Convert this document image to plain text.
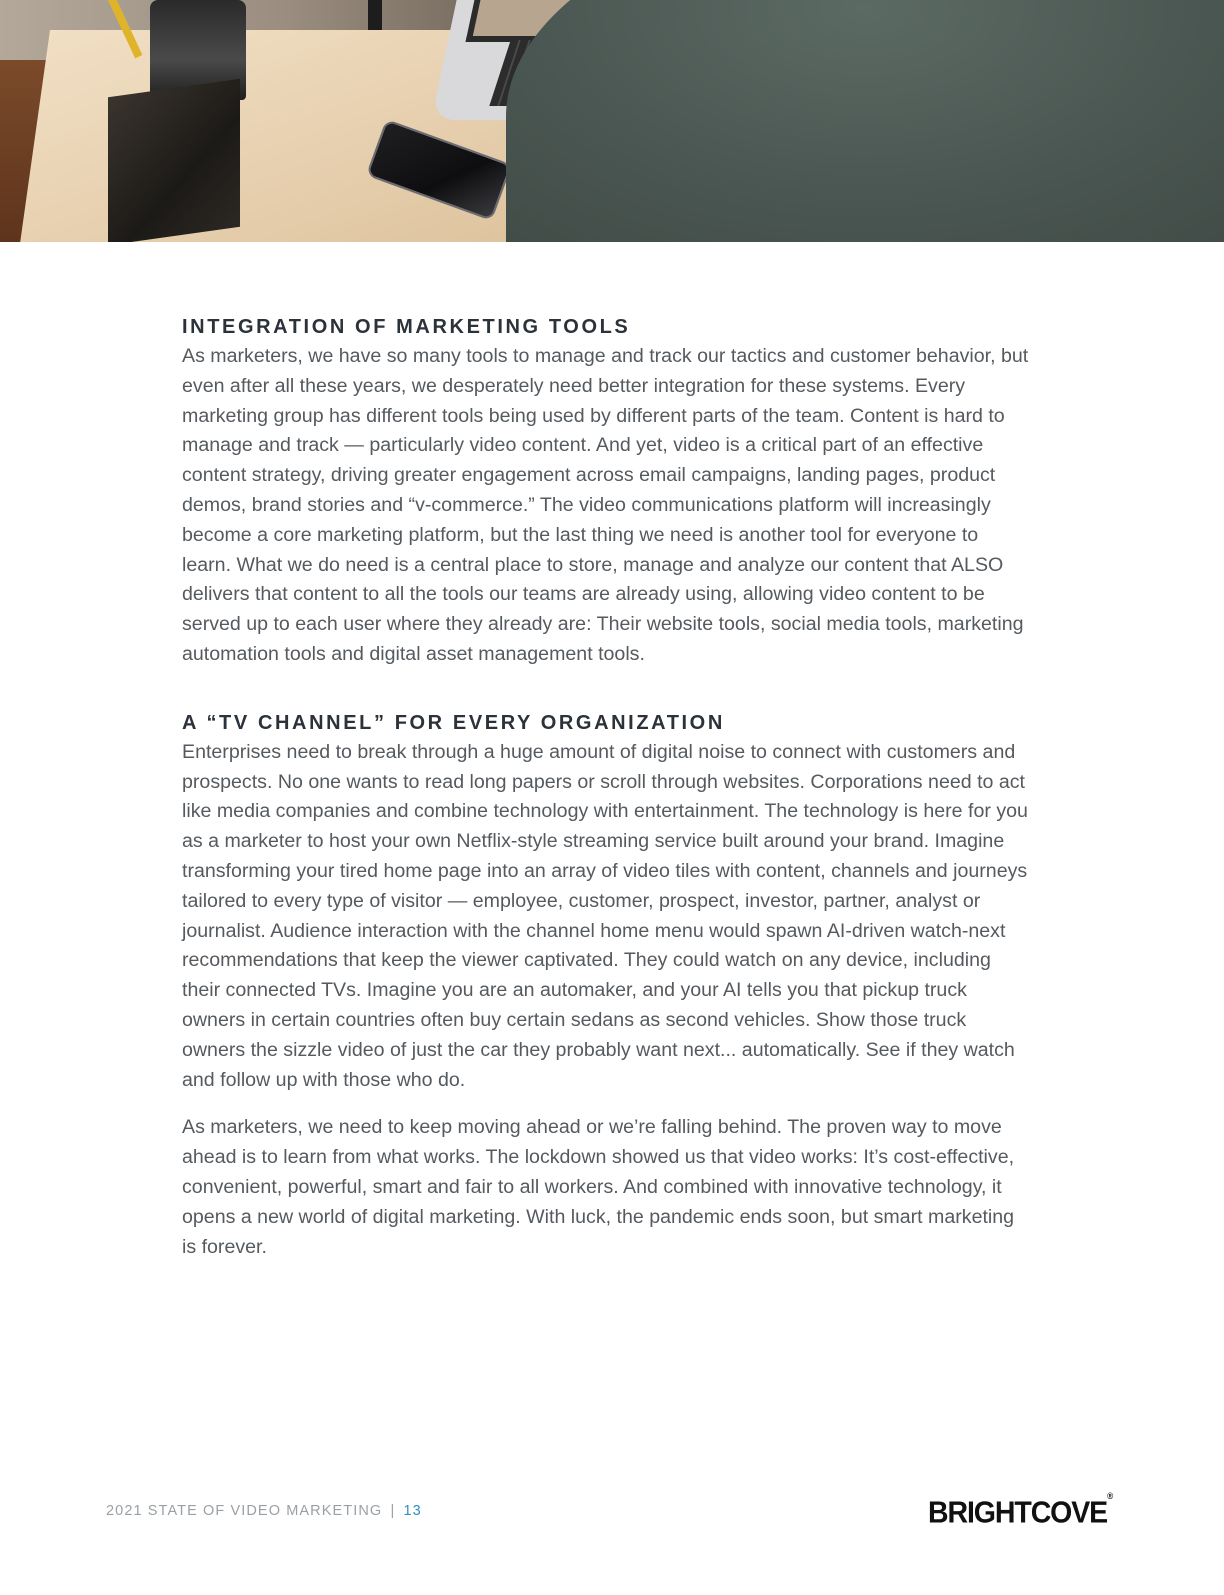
INTEGRATION OF MARKETING TOOLS

As marketers, we have so many tools to manage and track our tactics and customer behavior, but even after all these years, we desperately need better integration for these systems. Every marketing group has different tools being used by different parts of the team. Content is hard to manage and track — particularly video content. And yet, video is a critical part of an effective content strategy, driving greater engagement across email campaigns, landing pages, product demos, brand stories and “v-commerce.” The video communications platform will increasingly become a core marketing platform, but the last thing we need is another tool for everyone to learn. What we do need is a central place to store, manage and analyze our content that ALSO delivers that content to all the tools our teams are already using, allowing video content to be served up to each user where they already are: Their website tools, social media tools, marketing automation tools and digital asset management tools.

A “TV CHANNEL” FOR EVERY ORGANIZATION

Enterprises need to break through a huge amount of digital noise to connect with customers and prospects. No one wants to read long papers or scroll through websites. Corporations need to act like media companies and combine technology with entertainment. The technology is here for you as a marketer to host your own Netflix-style streaming service built around your brand. Imagine transforming your tired home page into an array of video tiles with content, channels and journeys tailored to every type of visitor — employee, customer, prospect, investor, partner, analyst or journalist. Audience interaction with the channel home menu would spawn AI-driven watch-next recommendations that keep the viewer captivated. They could watch on any device, including their connected TVs. Imagine you are an automaker, and your AI tells you that pickup truck owners in certain countries often buy certain sedans as second vehicles. Show those truck owners the sizzle video of just the car they probably want next... automatically. See if they watch and follow up with those who do.

As marketers, we need to keep moving ahead or we’re falling behind. The proven way to move ahead is to learn from what works. The lockdown showed us that video works: It’s cost-effective, convenient, powerful, smart and fair to all workers. And combined with innovative technology, it opens a new world of digital marketing. With luck, the pandemic ends soon, but smart marketing is forever.

2021 STATE OF VIDEO MARKETING | 13	BRIGHTCOVE®
